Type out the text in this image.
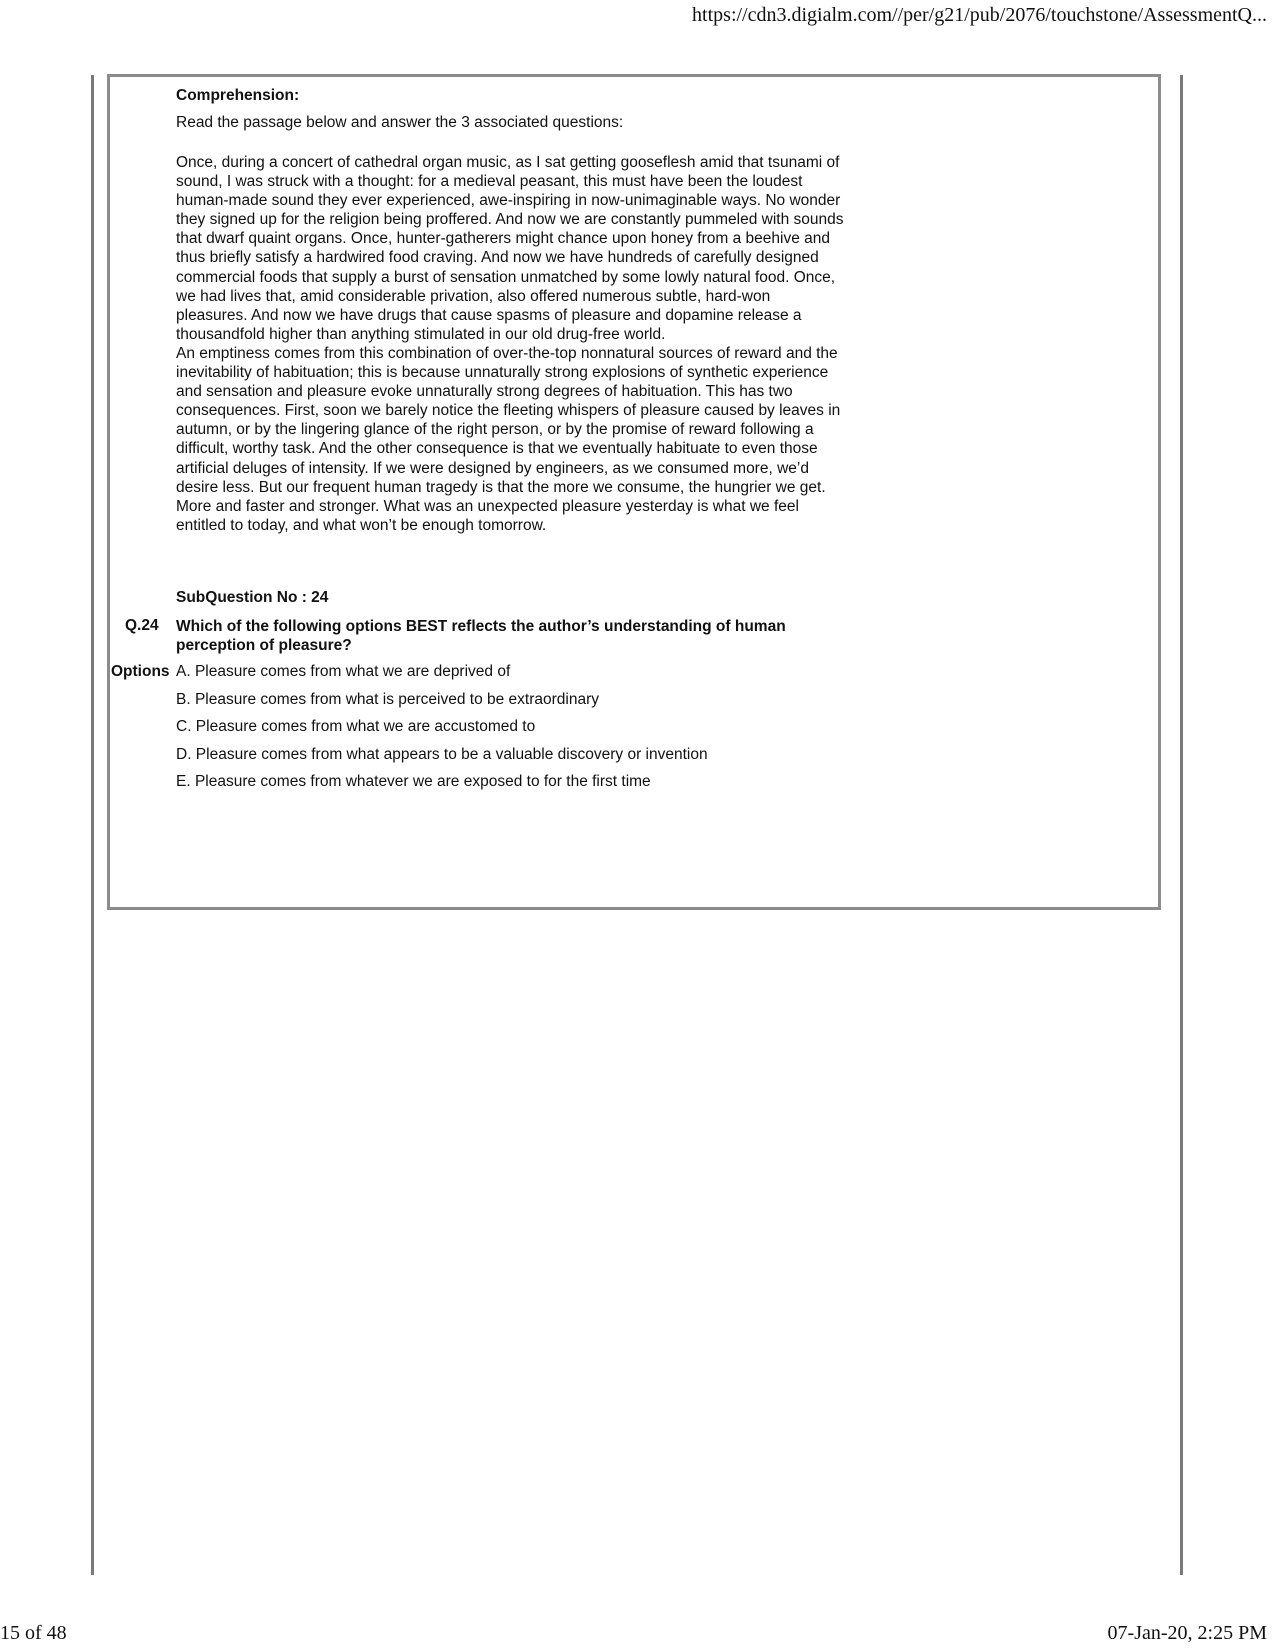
https://cdn3.digialm.com//per/g21/pub/2076/touchstone/AssessmentQ...

Comprehension:

Read the passage below and answer the 3 associated questions:

Once, during a concert of cathedral organ music, as I sat getting gooseflesh amid that tsunami of sound, I was struck with a thought: for a medieval peasant, this must have been the loudest human-made sound they ever experienced, awe-inspiring in now-unimaginable ways. No wonder they signed up for the religion being proffered. And now we are constantly pummeled with sounds that dwarf quaint organs. Once, hunter-gatherers might chance upon honey from a beehive and thus briefly satisfy a hardwired food craving. And now we have hundreds of carefully designed commercial foods that supply a burst of sensation unmatched by some lowly natural food. Once, we had lives that, amid considerable privation, also offered numerous subtle, hard-won pleasures. And now we have drugs that cause spasms of pleasure and dopamine release a thousandfold higher than anything stimulated in our old drug-free world.

An emptiness comes from this combination of over-the-top nonnatural sources of reward and the inevitability of habituation; this is because unnaturally strong explosions of synthetic experience and sensation and pleasure evoke unnaturally strong degrees of habituation. This has two consequences. First, soon we barely notice the fleeting whispers of pleasure caused by leaves in autumn, or by the lingering glance of the right person, or by the promise of reward following a difficult, worthy task. And the other consequence is that we eventually habituate to even those artificial deluges of intensity. If we were designed by engineers, as we consumed more, we’d desire less. But our frequent human tragedy is that the more we consume, the hungrier we get. More and faster and stronger. What was an unexpected pleasure yesterday is what we feel entitled to today, and what won’t be enough tomorrow.

SubQuestion No : 24
Q.24 Which of the following options BEST reflects the author’s understanding of human perception of pleasure?
Options A. Pleasure comes from what we are deprived of
B. Pleasure comes from what is perceived to be extraordinary
C. Pleasure comes from what we are accustomed to
D. Pleasure comes from what appears to be a valuable discovery or invention
E. Pleasure comes from whatever we are exposed to for the first time
15 of 48	07-Jan-20, 2:25 PM
